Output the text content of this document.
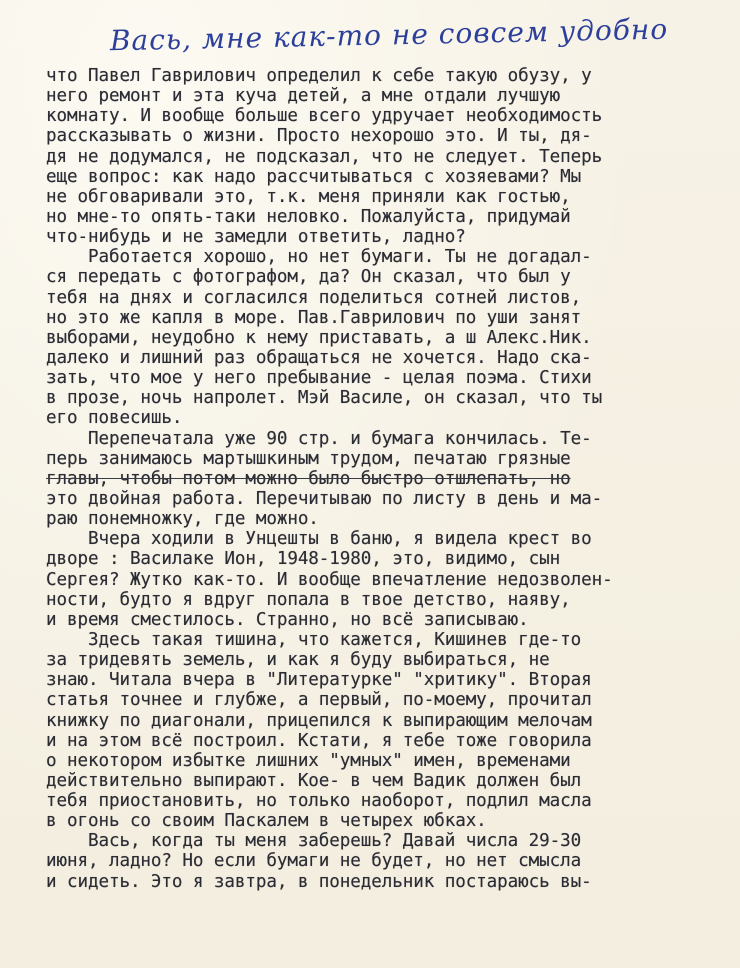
Вась, мне как-то не совсем удобно
что Павел Гаврилович определил к себе такую обузу, у
него ремонт и эта куча детей, а мне отдали лучшую
комнату. И вообще больше всего удручает необходимость
рассказывать о жизни. Просто нехорошо это. И ты, дя-
дя не додумался, не подсказал, что не следует. Теперь
еще вопрос: как надо рассчитываться с хозяевами? Мы
не обговаривали это, т.к. меня приняли как гостью,
но мне-то опять-таки неловко. Пожалуйста, придумай
что-нибудь и не замедли ответить, ладно?
Работается хорошо, но нет бумаги. Ты не догадал-
ся передать с фотографом, да? Он сказал, что был у
тебя на днях и согласился поделиться сотней листов,
но это же капля в море. Пав.Гаврилович по уши занят
выборами, неудобно к нему приставать, а ш Алекс.Ник.
далеко и лишний раз обращаться не хочется. Надо ска-
зать, что мое у него пребывание - целая поэма. Стихи
в прозе, ночь напролет. Мэй Василе, он сказал, что ты
его повесишь.
Перепечатала уже 90 стр. и бумага кончилась. Те-
перь занимаюсь мартышкиным трудом, печатаю грязные
главы, чтобы потом можно было быстро отшлепать, но
это двойная работа. Перечитываю по листу в день и ма-
раю понемножку, где можно.
Вчера ходили в Унцешты в баню, я видела крест во
дворе : Василаке Ион, 1948-1980, это, видимо, сын
Сергея? Жутко как-то. И вообще впечатление недозволен-
ности, будто я вдруг попала в твое детство, наяву,
и время сместилось. Странно, но всё записываю.
Здесь такая тишина, что кажется, Кишинев где-то
за тридевять земель, и как я буду выбираться, не
знаю. Читала вчера в "Литературке" "хритику". Вторая
статья точнее и глубже, а первый, по-моему, прочитал
книжку по диагонали, прицепился к выпирающим мелочам
и на этом всё построил. Кстати, я тебе тоже говорила
о некотором избытке лишних "умных" имен, временами
действительно выпирают. Кое- в чем Вадик должен был
тебя приостановить, но только наоборот, подлил масла
в огонь со своим Паскалем в четырех юбках.
Вась, когда ты меня заберешь? Давай числа 29-30
июня, ладно? Но если бумаги не будет, но нет смысла
и сидеть. Это я завтра, в понедельник постараюсь вы-
